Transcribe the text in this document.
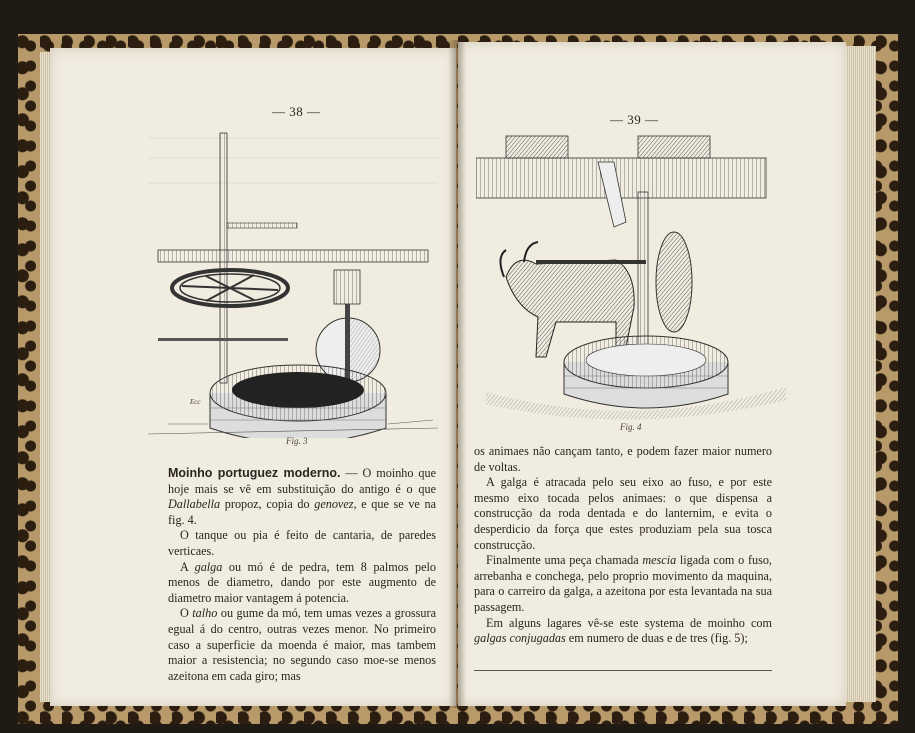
— 38 —
Fig. 3
Ecc

Moinho portuguez moderno. — O moinho que hoje mais se vê em substituição do antigo é o que Dallabella propoz, copia do genovez, e que se ve na fig. 4.

O tanque ou pia é feito de cantaria, de paredes verticaes.

A galga ou mó é de pedra, tem 8 palmos pelo menos de diametro, dando por este augmento de diametro maior vantagem á potencia.

O talho ou gume da mó, tem umas vezes a grossura egual á do centro, outras vezes menor. No primeiro caso a superficie da moenda é maior, mas tambem maior a resistencia; no segundo caso moe-se menos azeitona em cada giro; mas

— 39 —
Fig. 4

os animaes não cançam tanto, e podem fazer maior numero de voltas.

A galga é atracada pelo seu eixo ao fuso, e por este mesmo eixo tocada pelos animaes: o que dispensa a construcção da roda dentada e do lanternim, e evita o desperdicio da força que estes produziam pela sua tosca construcção.

Finalmente uma peça chamada mescia ligada com o fuso, arrebanha e conchega, pelo proprio movimento da maquina, para o carreiro da galga, a azeitona por esta levantada na sua passagem.

Em alguns lagares vê-se este systema de moinho com galgas conjugadas em numero de duas e de tres (fig. 5);
